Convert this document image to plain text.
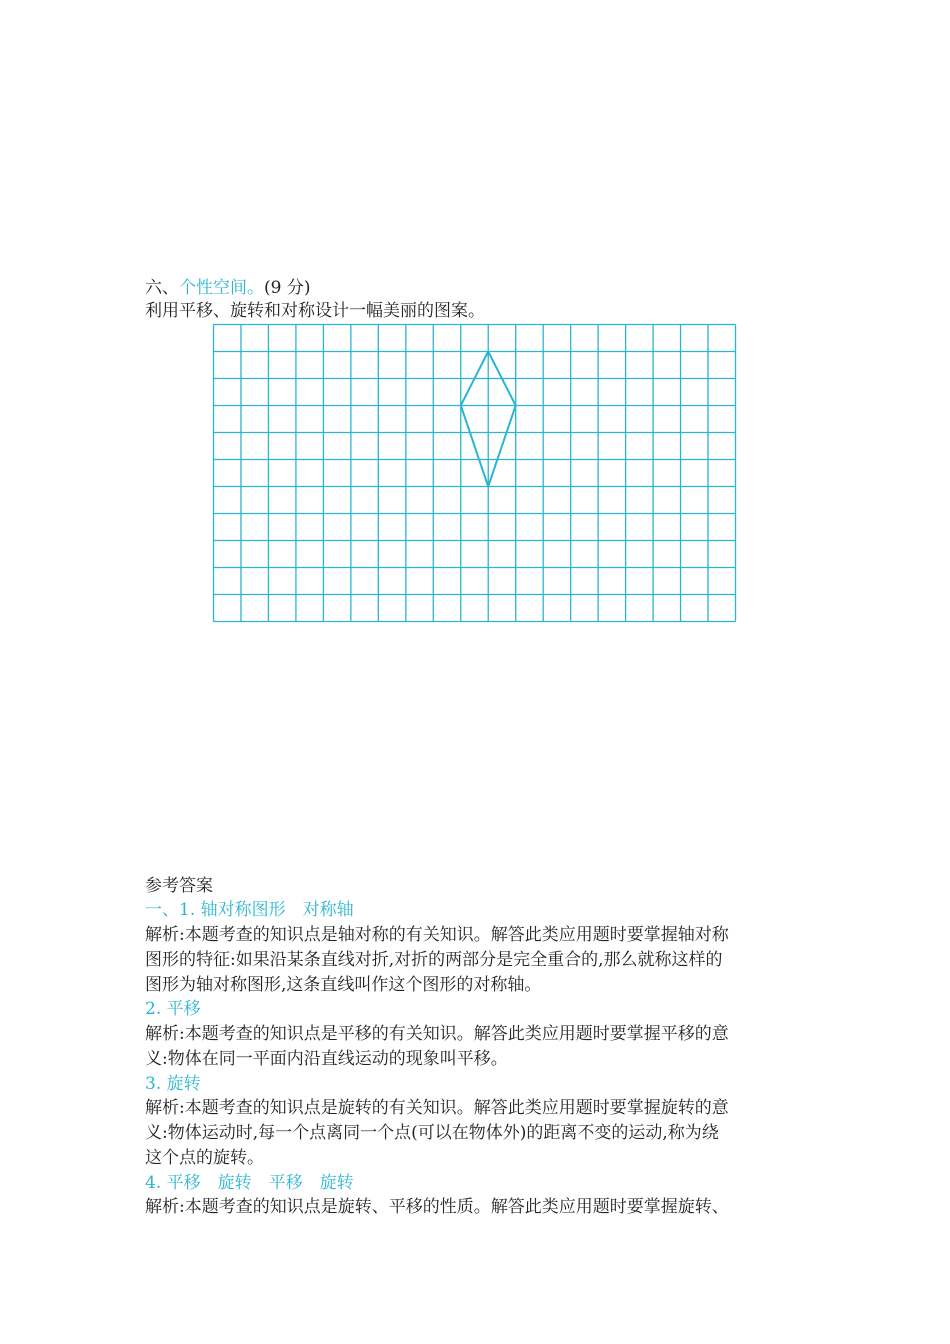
六、个性空间。(9 分)
利用平移、旋转和对称设计一幅美丽的图案。
参考答案
一、1. 轴对称图形　对称轴
解析:本题考查的知识点是轴对称的有关知识。解答此类应用题时要掌握轴对称
图形的特征:如果沿某条直线对折,对折的两部分是完全重合的,那么就称这样的
图形为轴对称图形,这条直线叫作这个图形的对称轴。
2. 平移
解析:本题考查的知识点是平移的有关知识。解答此类应用题时要掌握平移的意
义:物体在同一平面内沿直线运动的现象叫平移。
3. 旋转
解析:本题考查的知识点是旋转的有关知识。解答此类应用题时要掌握旋转的意
义:物体运动时,每一个点离同一个点(可以在物体外)的距离不变的运动,称为绕
这个点的旋转。
4. 平移　旋转　平移　旋转
解析:本题考查的知识点是旋转、平移的性质。解答此类应用题时要掌握旋转、
